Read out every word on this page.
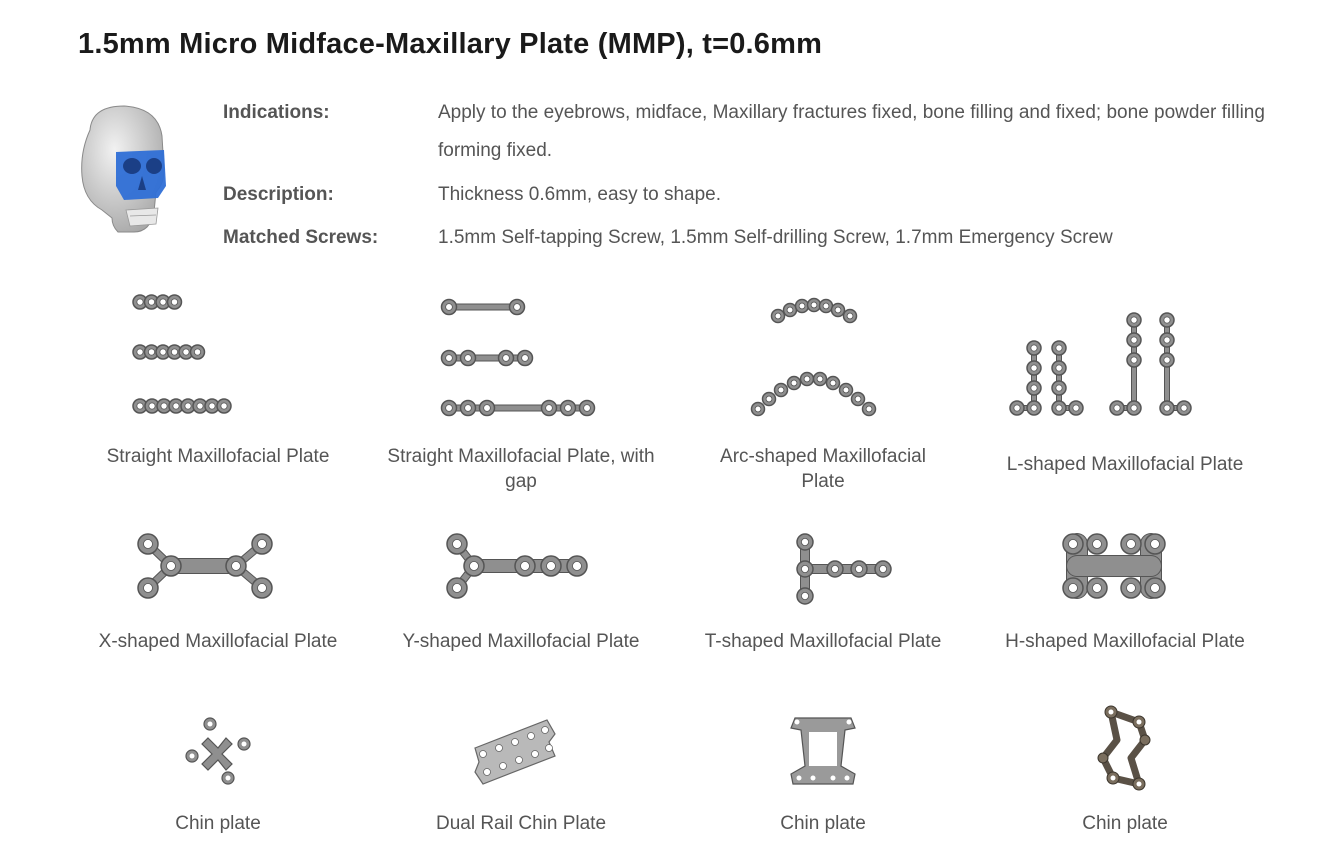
1.5mm Micro Midface-Maxillary Plate (MMP), t=0.6mm
Indications:	Apply to the eyebrows, midface, Maxillary fractures fixed, bone filling and fixed; bone powder filling forming fixed.
Description:	Thickness 0.6mm, easy to shape.
Matched Screws:	1.5mm Self-tapping Screw, 1.5mm Self-drilling Screw, 1.7mm Emergency Screw
Straight Maxillofacial Plate	Straight Maxillofacial Plate, with gap
Arc-shaped Maxillofacial Plate
L-shaped Maxillofacial Plate
X-shaped Maxillofacial Plate	Y-shaped Maxillofacial Plate	T-shaped Maxillofacial Plate	H-shaped Maxillofacial Plate
Chin plate	Dual Rail Chin Plate	Chin plate	Chin plate
